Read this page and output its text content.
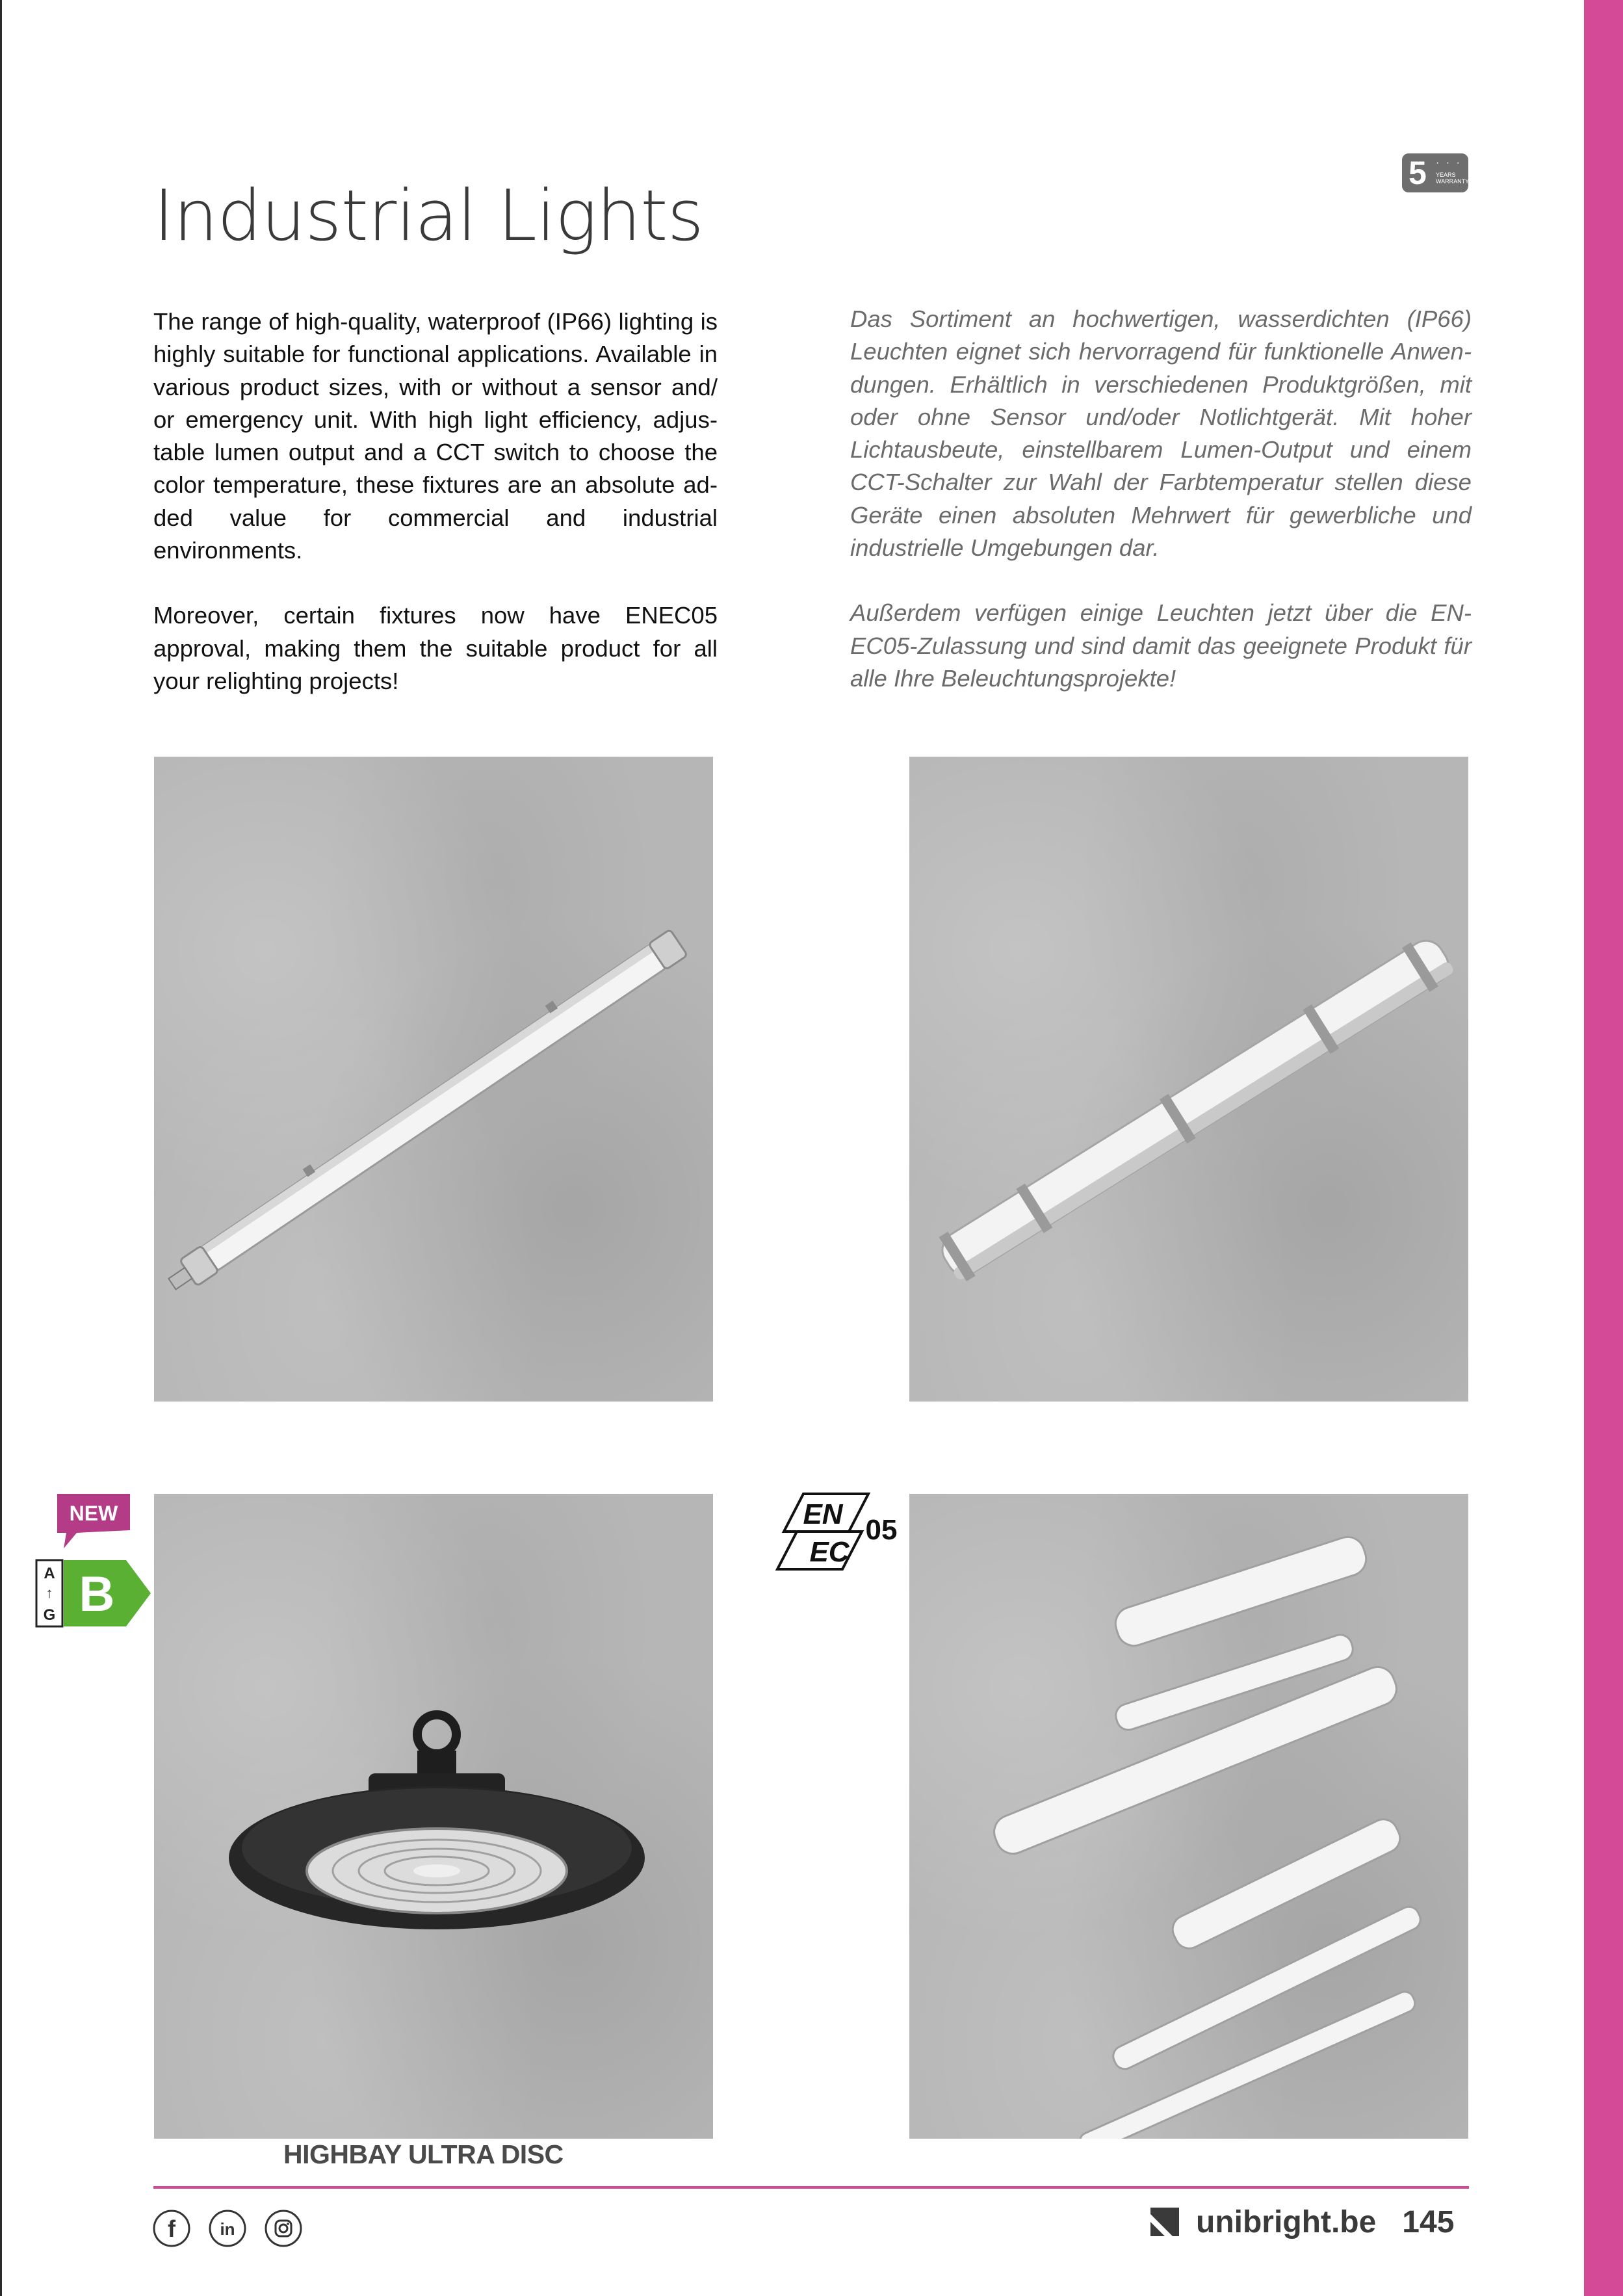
5 · · ·
YEARS WARRANTY
Industrial Lights

The range of high-quality, waterproof (IP66) lighting is highly suitable for functional applications. Available in various product sizes, with or without a sensor and/ or emergency unit. With high light efficiency, adjus-table lumen output and a CCT switch to choose the color temperature, these fixtures are an absolute ad-ded value for commercial and industrial environments.

Moreover, certain fixtures now have ENEC05 approval, making them the suitable product for all your relighting projects!

Das Sortiment an hochwertigen, wasserdichten (IP66) Leuchten eignet sich hervorragend für funktionelle Anwen-dungen. Erhältlich in verschiedenen Produktgrößen, mit oder ohne Sensor und/oder Notlichtgerät. Mit hoher Lichtausbeute, einstellbarem Lumen-Output und einem CCT-Schalter zur Wahl der Farbtemperatur stellen diese Geräte einen absoluten Mehrwert für gewerbliche und industrielle Umgebungen dar.

Außerdem verfügen einige Leuchten jetzt über die EN-EC05-Zulassung und sind damit das geeignete Produkt für alle Ihre Beleuchtungsprojekte!

NEW
A
↑
G B
EN
EC
05
HIGHBAY ULTRA DISC
f	in	unibright.be 145
